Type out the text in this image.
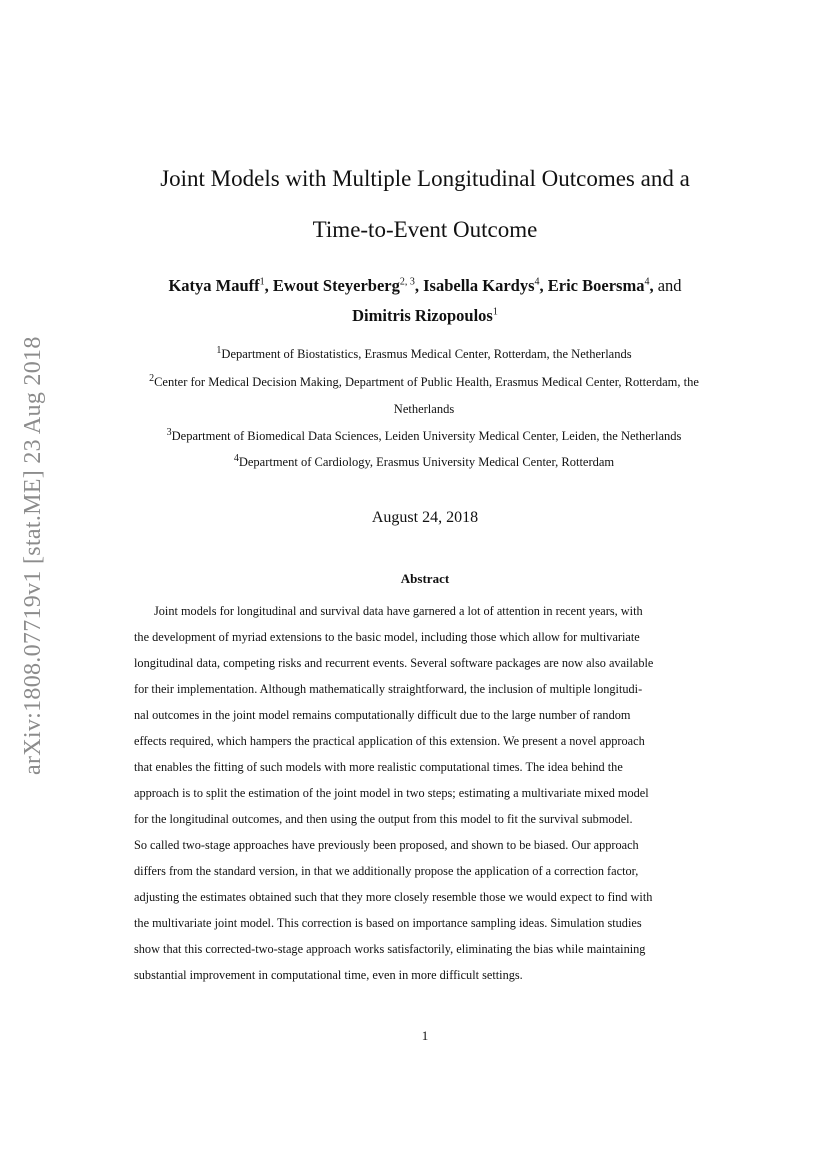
arXiv:1808.07719v1 [stat.ME] 23 Aug 2018
Joint Models with Multiple Longitudinal Outcomes and a
Time-to-Event Outcome
Katya Mauff$^1$, Ewout Steyerberg$^{2, 3}$, Isabella Kardys$^4$, Eric Boersma$^4$, and
Dimitris Rizopoulos$^1$
$^1$Department of Biostatistics, Erasmus Medical Center, Rotterdam, the Netherlands
$^2$Center for Medical Decision Making, Department of Public Health, Erasmus Medical Center, Rotterdam, the
Netherlands
$^3$Department of Biomedical Data Sciences, Leiden University Medical Center, Leiden, the Netherlands
$^4$Department of Cardiology, Erasmus University Medical Center, Rotterdam
August 24, 2018
Abstract
Joint models for longitudinal and survival data have garnered a lot of attention in recent years, with
the development of myriad extensions to the basic model, including those which allow for multivariate
longitudinal data, competing risks and recurrent events. Several software packages are now also available
for their implementation. Although mathematically straightforward, the inclusion of multiple longitudi-
nal outcomes in the joint model remains computationally difficult due to the large number of random
effects required, which hampers the practical application of this extension. We present a novel approach
that enables the fitting of such models with more realistic computational times. The idea behind the
approach is to split the estimation of the joint model in two steps; estimating a multivariate mixed model
for the longitudinal outcomes, and then using the output from this model to fit the survival submodel.
So called two-stage approaches have previously been proposed, and shown to be biased. Our approach
differs from the standard version, in that we additionally propose the application of a correction factor,
adjusting the estimates obtained such that they more closely resemble those we would expect to find with
the multivariate joint model. This correction is based on importance sampling ideas. Simulation studies
show that this corrected-two-stage approach works satisfactorily, eliminating the bias while maintaining
substantial improvement in computational time, even in more difficult settings.
1
